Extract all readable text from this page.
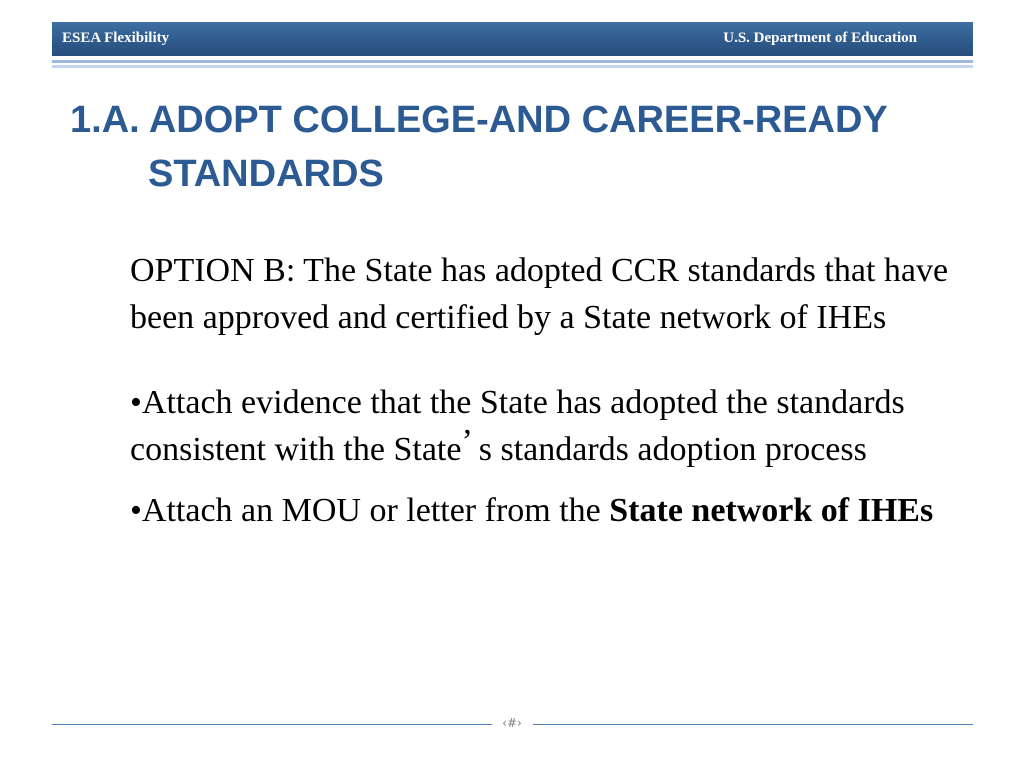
ESEA Flexibility	U.S. Department of Education
1.A. ADOPT COLLEGE-AND CAREER-READY
STANDARDS

OPTION B: The State has adopted CCR standards that have been approved and certified by a State network of IHEs

•Attach evidence that the State has adopted the standards consistent with the State’ s standards adoption process

•Attach an MOU or letter from the State network of IHEs

‹#›
